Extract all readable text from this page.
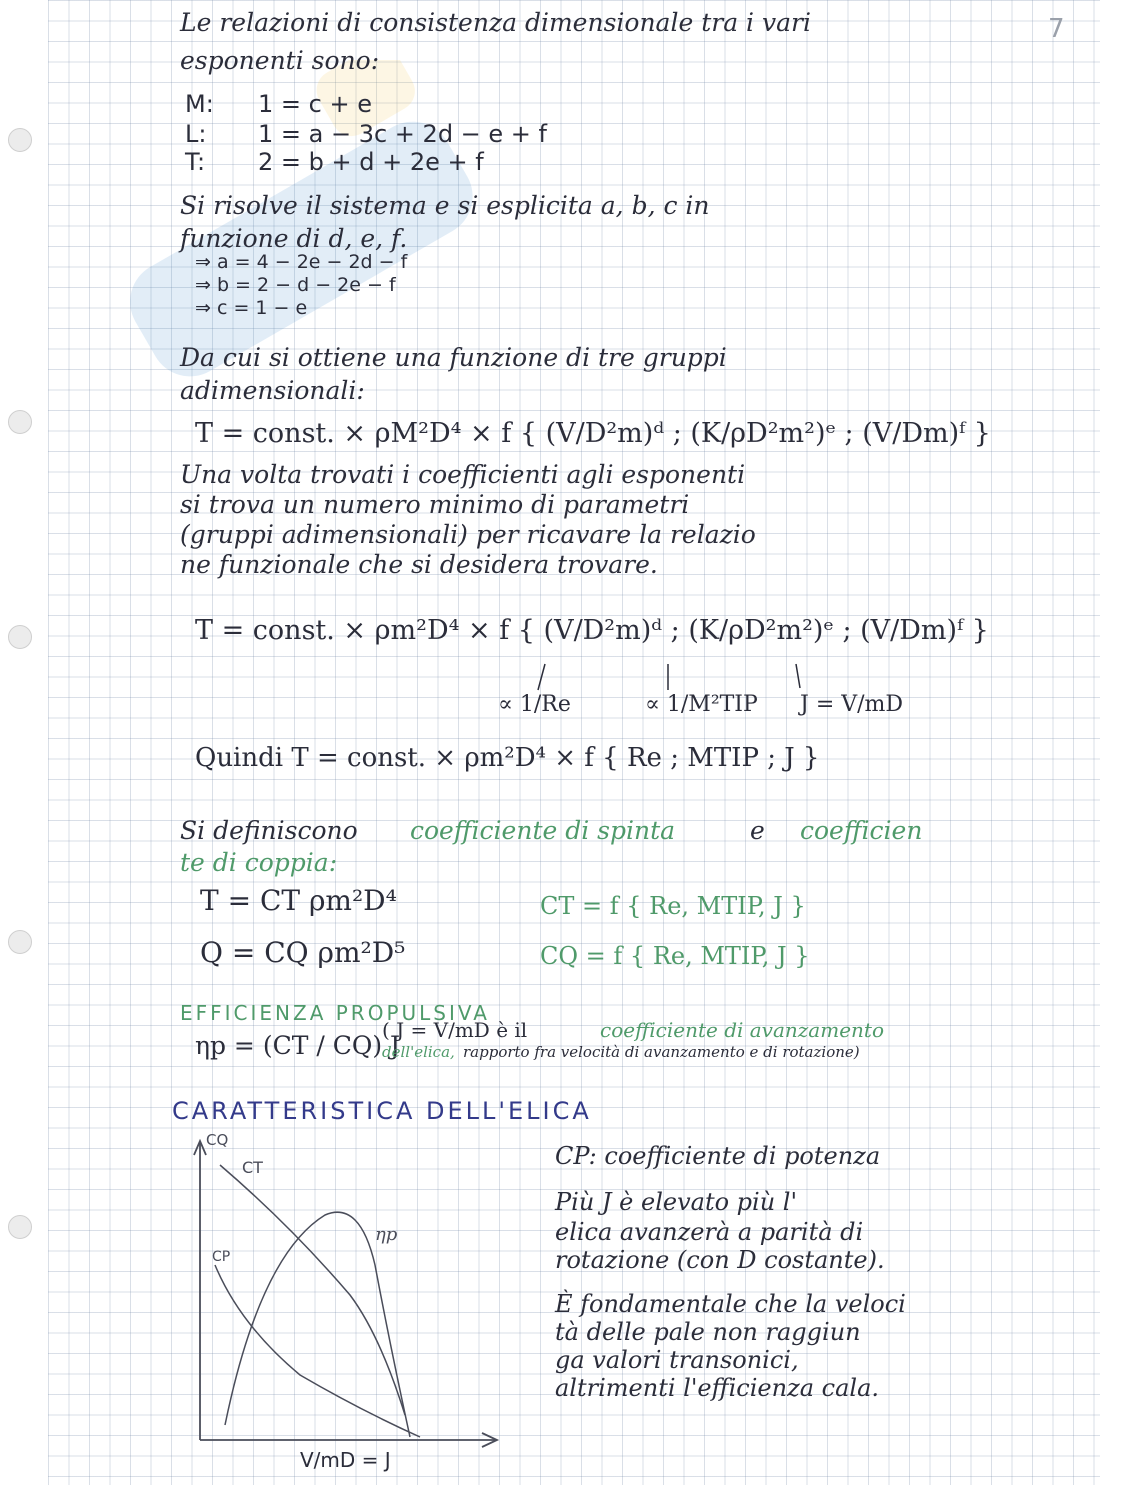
7
Le relazioni di consistenza dimensionale tra i vari
esponenti sono:
M: 1 = c + e
L: 1 = a − 3c + 2d − e + f
T: 2 = b + d + 2e + f
Si risolve il sistema e si esplicita a, b, c in
funzione di d, e, f.
⇒ a = 4 − 2e − 2d − f
⇒ b = 2 − d − 2e − f
⇒ c = 1 − e
Da cui si ottiene una funzione di tre gruppi
adimensionali:
T = const. × ρM²D⁴ × f { (V/D²m)ᵈ ; (K/ρD²m²)ᵉ ; (V/Dm)ᶠ }
Una volta trovati i coefficienti agli esponenti
si trova un numero minimo di parametri
(gruppi adimensionali) per ricavare la relazio
ne funzionale che si desidera trovare.
T = const. × ρm²D⁴ × f { (V/D²m)ᵈ ; (K/ρD²m²)ᵉ ; (V/Dm)ᶠ }
∝ 1/Re	∝ 1/M²TIP J = V/mD
Quindi T = const. × ρm²D⁴ × f { Re ; MTIP ; J }
Si definiscono coefficiente di spinta	e coefficien
te di coppia:
T = CT ρm²D⁴
Q = CQ ρm²D⁵
CT = f { Re, MTIP, J }
CQ = f { Re, MTIP, J }
EFFICIENZA PROPULSIVA
ηp = (CT / CQ) J
( J = V/mD è il	coefficiente di avanzamento
dell'elica, rapporto fra velocità di avanzamento e di rotazione)
CARATTERISTICA DELL'ELICA
CQ
CT
CP
ηp
V/mD = J
CP: coefficiente di potenza
Più J è elevato più l'
elica avanzerà a parità di
rotazione (con D costante).
È fondamentale che la veloci
tà delle pale non raggiun
ga valori transonici,
altrimenti l'efficienza cala.
